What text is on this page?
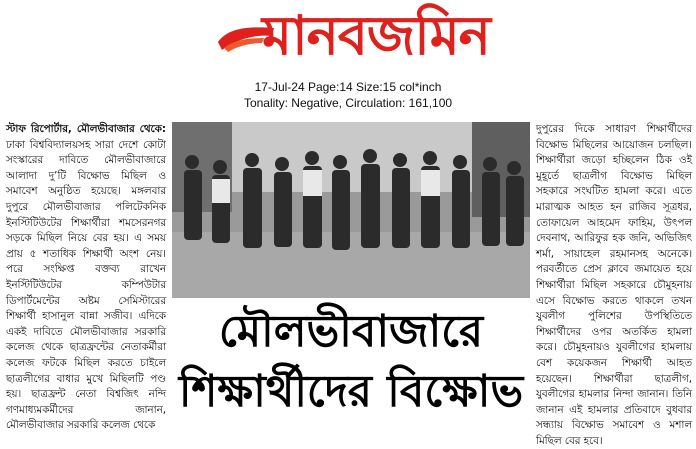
মানবজমিন
17-Jul-24 Page:14 Size:15 col*inch
Tonality: Negative, Circulation: 161,100

স্টাফ রিপোর্টার, মৌলভীবাজার থেকে: ঢাকা বিশ্ববিদ্যালয়সহ সারা দেশে কোটা সংস্কারের দাবিতে মৌলভীবাজারে আলাদা দু’টি বিক্ষোভ মিছিল ও সমাবেশ অনুষ্ঠিত হয়েছে। মঙ্গলবার দুপুরে মৌলভীবাজার পলিটেকনিক ইনস্টিটিউটের শিক্ষার্থীরা শমসেরনগর সড়কে মিছিল নিয়ে বের হয়। এ সময় প্রায় ৫ শতাধিক শিক্ষার্থী অংশ নেয়। পরে সংক্ষিপ্ত বক্তব্য রাখেন ইনস্টিটিউটের কম্পিউটার ডিপার্টমেন্টের অষ্টম সেমিস্টারের শিক্ষার্থী হাসানুল বান্না সজীব। এদিকে একই দাবিতে মৌলভীবাজার সরকারি কলেজ থেকে ছাত্রফ্রন্টের নেতাকর্মীরা কলেজ ফটকে মিছিল করতে চাইলে ছাত্রলীগের বাধার মুখে মিছিলটি পণ্ড হয়। ছাত্রফ্রন্ট নেতা বিশ্বজিৎ নন্দি গণমাধ্যমকর্মীদের জানান, মৌলভীবাজার সরকারি কলেজ থেকে

মৌলভীবাজারে
শিক্ষার্থীদের বিক্ষোভ

দুপুরের দিকে সাধারণ শিক্ষার্থীদের বিক্ষোভ মিছিলের আয়োজন চলছিল। শিক্ষার্থীরা জড়ো হচ্ছিলেন ঠিক ওই মুহূর্তে ছাত্রলীগ বিক্ষোভ মিছিল সহকারে সংঘটিত হামলা করে। এতে মারাত্মক আহত হন রাজিব সূত্রধর, তোফায়েল আহমেদ ফাহিম, উৎপল দেবনাথ, আরিফুর হক জনি, অভিজিৎ শর্মা, সায়াহেল রহমানসহ অনেকে। পরবর্তীতে প্রেস ক্লাবে জমায়েত হয়ে শিক্ষার্থীরা মিছিল সহকারে চৌমুহনায় এসে বিক্ষোভ করতে থাকলে তখন যুবলীগ পুলিশের উপস্থিতিতে শিক্ষার্থীদের ওপর অতর্কিত হামলা করে। চৌমুহনায়ও যুবলীগের হামলায় বেশ কয়েকজন শিক্ষার্থী আহত হয়েছেন। শিক্ষার্থীরা ছাত্রলীগ, যুবলীগের হামলার নিন্দা জানান। তিনি জানান এই হামলার প্রতিবাদে বুধবার সন্ধ্যায় বিক্ষোভ সমাবেশ ও মশাল মিছিল বের হবে।
